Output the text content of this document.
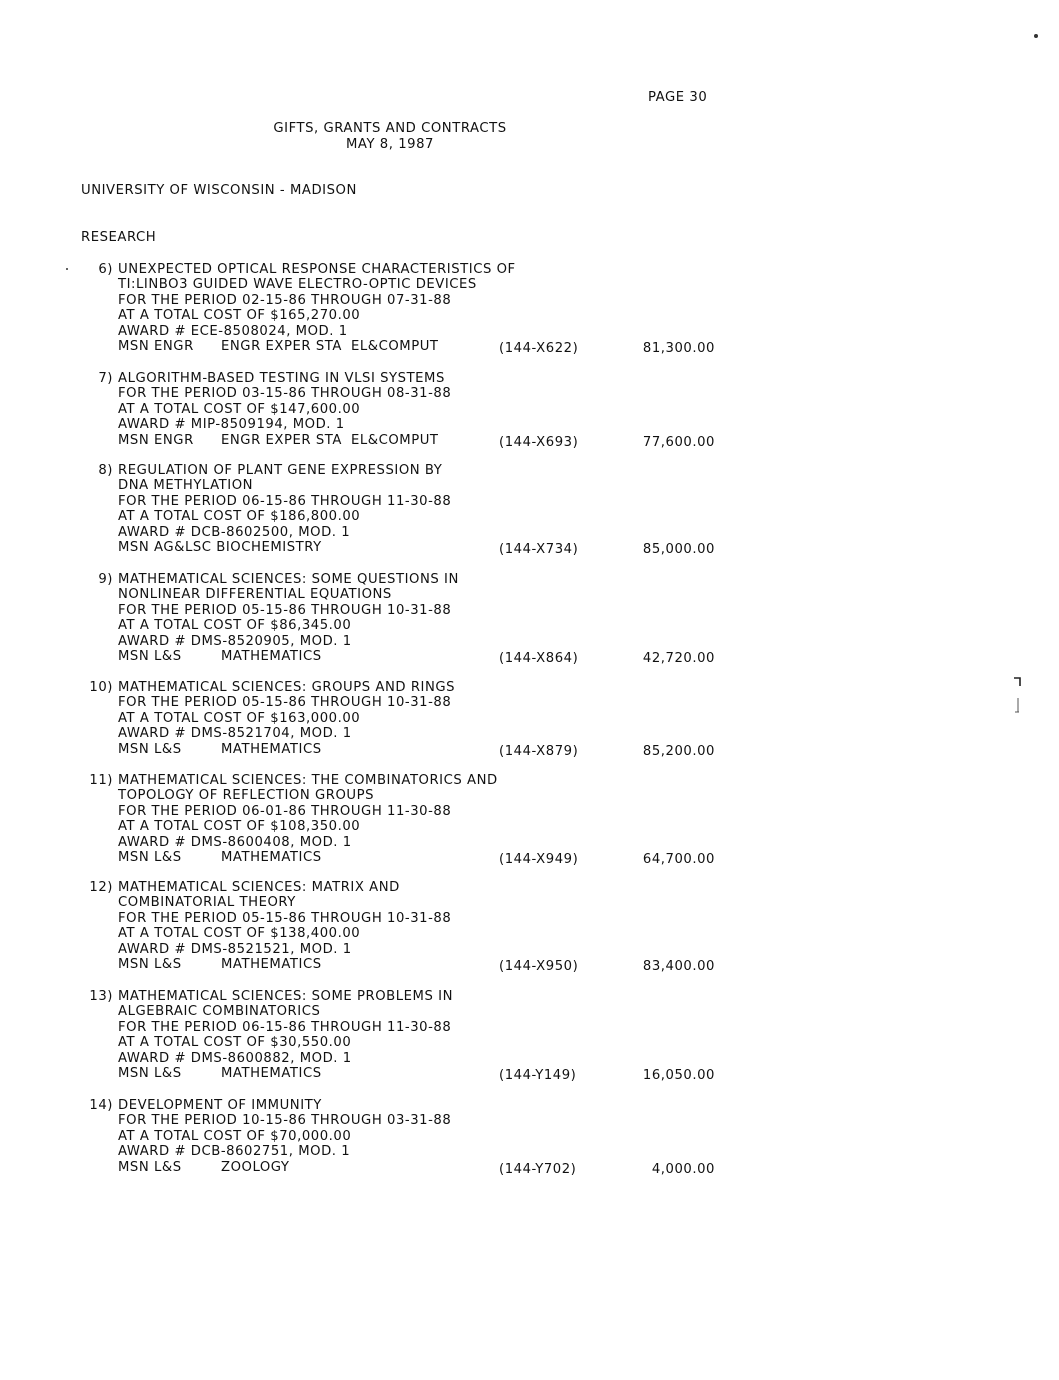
PAGE 30
GIFTS, GRANTS AND CONTRACTS
MAY 8, 1987
UNIVERSITY OF WISCONSIN - MADISON
RESEARCH
6) UNEXPECTED OPTICAL RESPONSE CHARACTERISTICS OF
TI:LINBO3 GUIDED WAVE ELECTRO-OPTIC DEVICES
FOR THE PERIOD 02-15-86 THROUGH 07-31-88
AT A TOTAL COST OF $165,270.00
AWARD # ECE-8508024, MOD. 1
MSN ENGR ENGR EXPER STA EL&COMPUT	(144-X622)	81,300.00
7) ALGORITHM-BASED TESTING IN VLSI SYSTEMS
FOR THE PERIOD 03-15-86 THROUGH 08-31-88
AT A TOTAL COST OF $147,600.00
AWARD # MIP-8509194, MOD. 1
MSN ENGR ENGR EXPER STA EL&COMPUT	(144-X693)	77,600.00
8) REGULATION OF PLANT GENE EXPRESSION BY
DNA METHYLATION
FOR THE PERIOD 06-15-86 THROUGH 11-30-88
AT A TOTAL COST OF $186,800.00
AWARD # DCB-8602500, MOD. 1
MSN AG&LSC BIOCHEMISTRY	(144-X734)	85,000.00
9) MATHEMATICAL SCIENCES: SOME QUESTIONS IN
NONLINEAR DIFFERENTIAL EQUATIONS
FOR THE PERIOD 05-15-86 THROUGH 10-31-88
AT A TOTAL COST OF $86,345.00
AWARD # DMS-8520905, MOD. 1
MSN L&S	MATHEMATICS	(144-X864)	42,720.00
10) MATHEMATICAL SCIENCES: GROUPS AND RINGS
FOR THE PERIOD 05-15-86 THROUGH 10-31-88
AT A TOTAL COST OF $163,000.00
AWARD # DMS-8521704, MOD. 1
MSN L&S	MATHEMATICS	(144-X879)	85,200.00
11) MATHEMATICAL SCIENCES: THE COMBINATORICS AND
TOPOLOGY OF REFLECTION GROUPS
FOR THE PERIOD 06-01-86 THROUGH 11-30-88
AT A TOTAL COST OF $108,350.00
AWARD # DMS-8600408, MOD. 1
MSN L&S	MATHEMATICS	(144-X949)	64,700.00
12) MATHEMATICAL SCIENCES: MATRIX AND
COMBINATORIAL THEORY
FOR THE PERIOD 05-15-86 THROUGH 10-31-88
AT A TOTAL COST OF $138,400.00
AWARD # DMS-8521521, MOD. 1
MSN L&S	MATHEMATICS	(144-X950)	83,400.00
13) MATHEMATICAL SCIENCES: SOME PROBLEMS IN
ALGEBRAIC COMBINATORICS
FOR THE PERIOD 06-15-86 THROUGH 11-30-88
AT A TOTAL COST OF $30,550.00
AWARD # DMS-8600882, MOD. 1
MSN L&S	MATHEMATICS	(144-Y149)	16,050.00
14) DEVELOPMENT OF IMMUNITY
FOR THE PERIOD 10-15-86 THROUGH 03-31-88
AT A TOTAL COST OF $70,000.00
AWARD # DCB-8602751, MOD. 1
MSN L&S	ZOOLOGY	(144-Y702)	4,000.00
